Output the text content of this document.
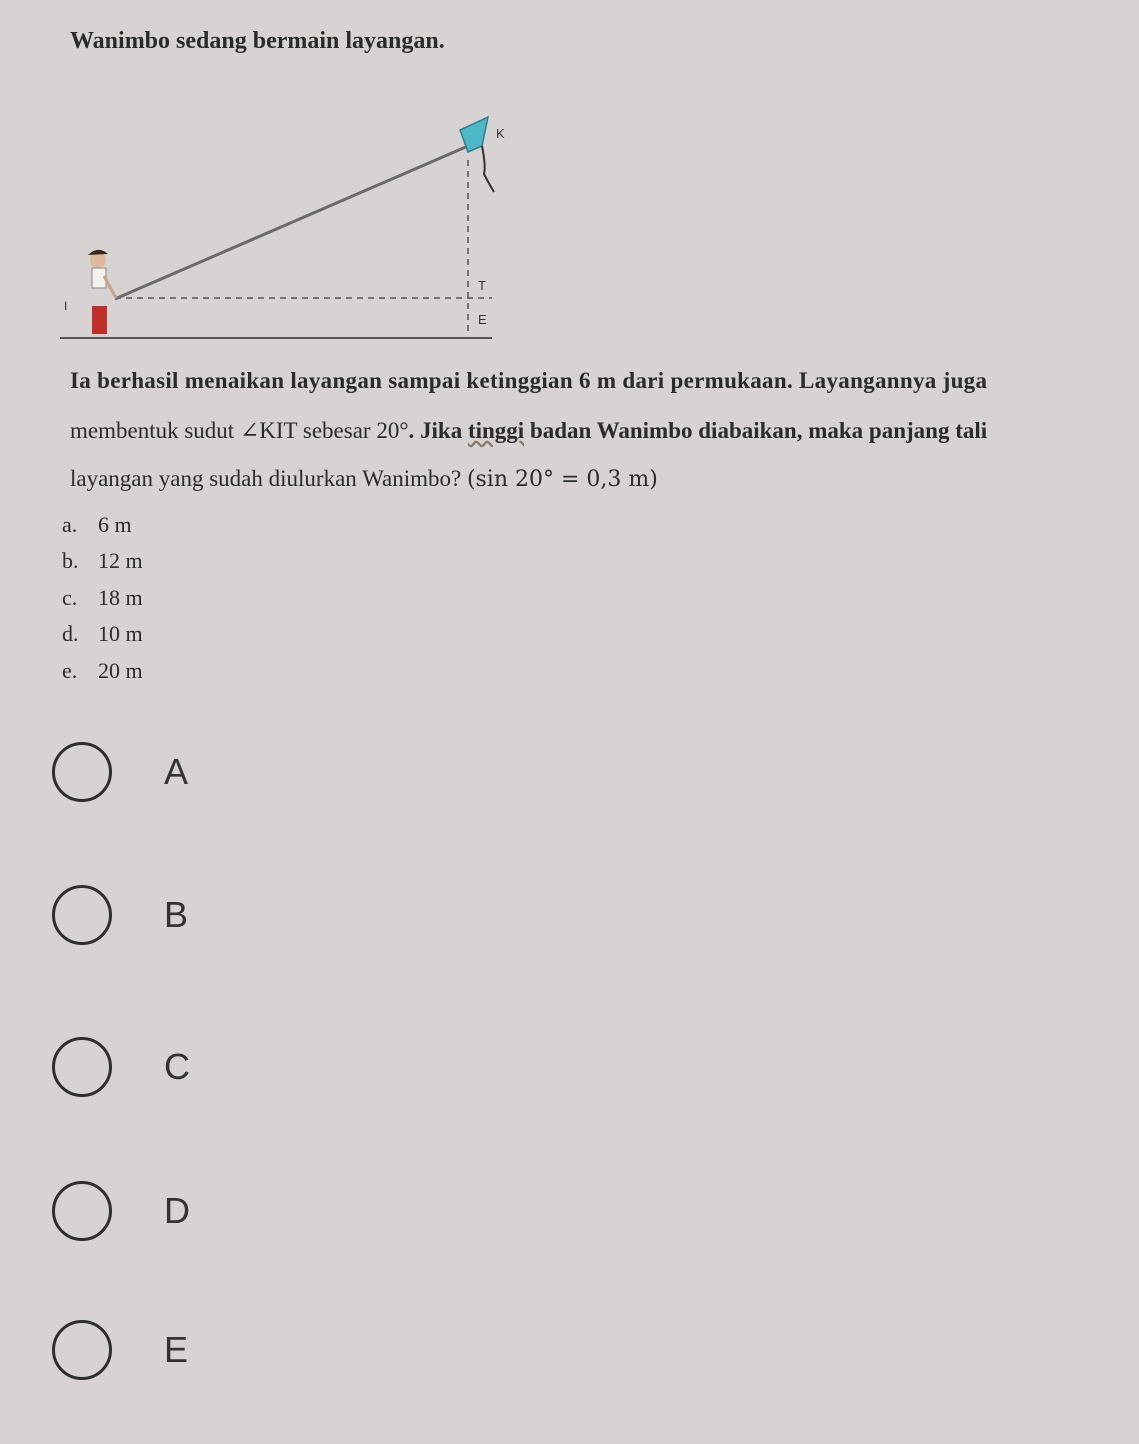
Wanimbo sedang bermain layangan.
K
I
T
E
Ia berhasil menaikan layangan sampai ketinggian 6 m dari permukaan. Layangannya juga
membentuk sudut ∠KIT sebesar 20°. Jika tinggi badan Wanimbo diabaikan, maka panjang tali
layangan yang sudah diulurkan Wanimbo? (sin 20° = 0,3 m)
a. 6 m
b. 12 m
c. 18 m
d. 10 m
e. 20 m
A
B
C
D
E
